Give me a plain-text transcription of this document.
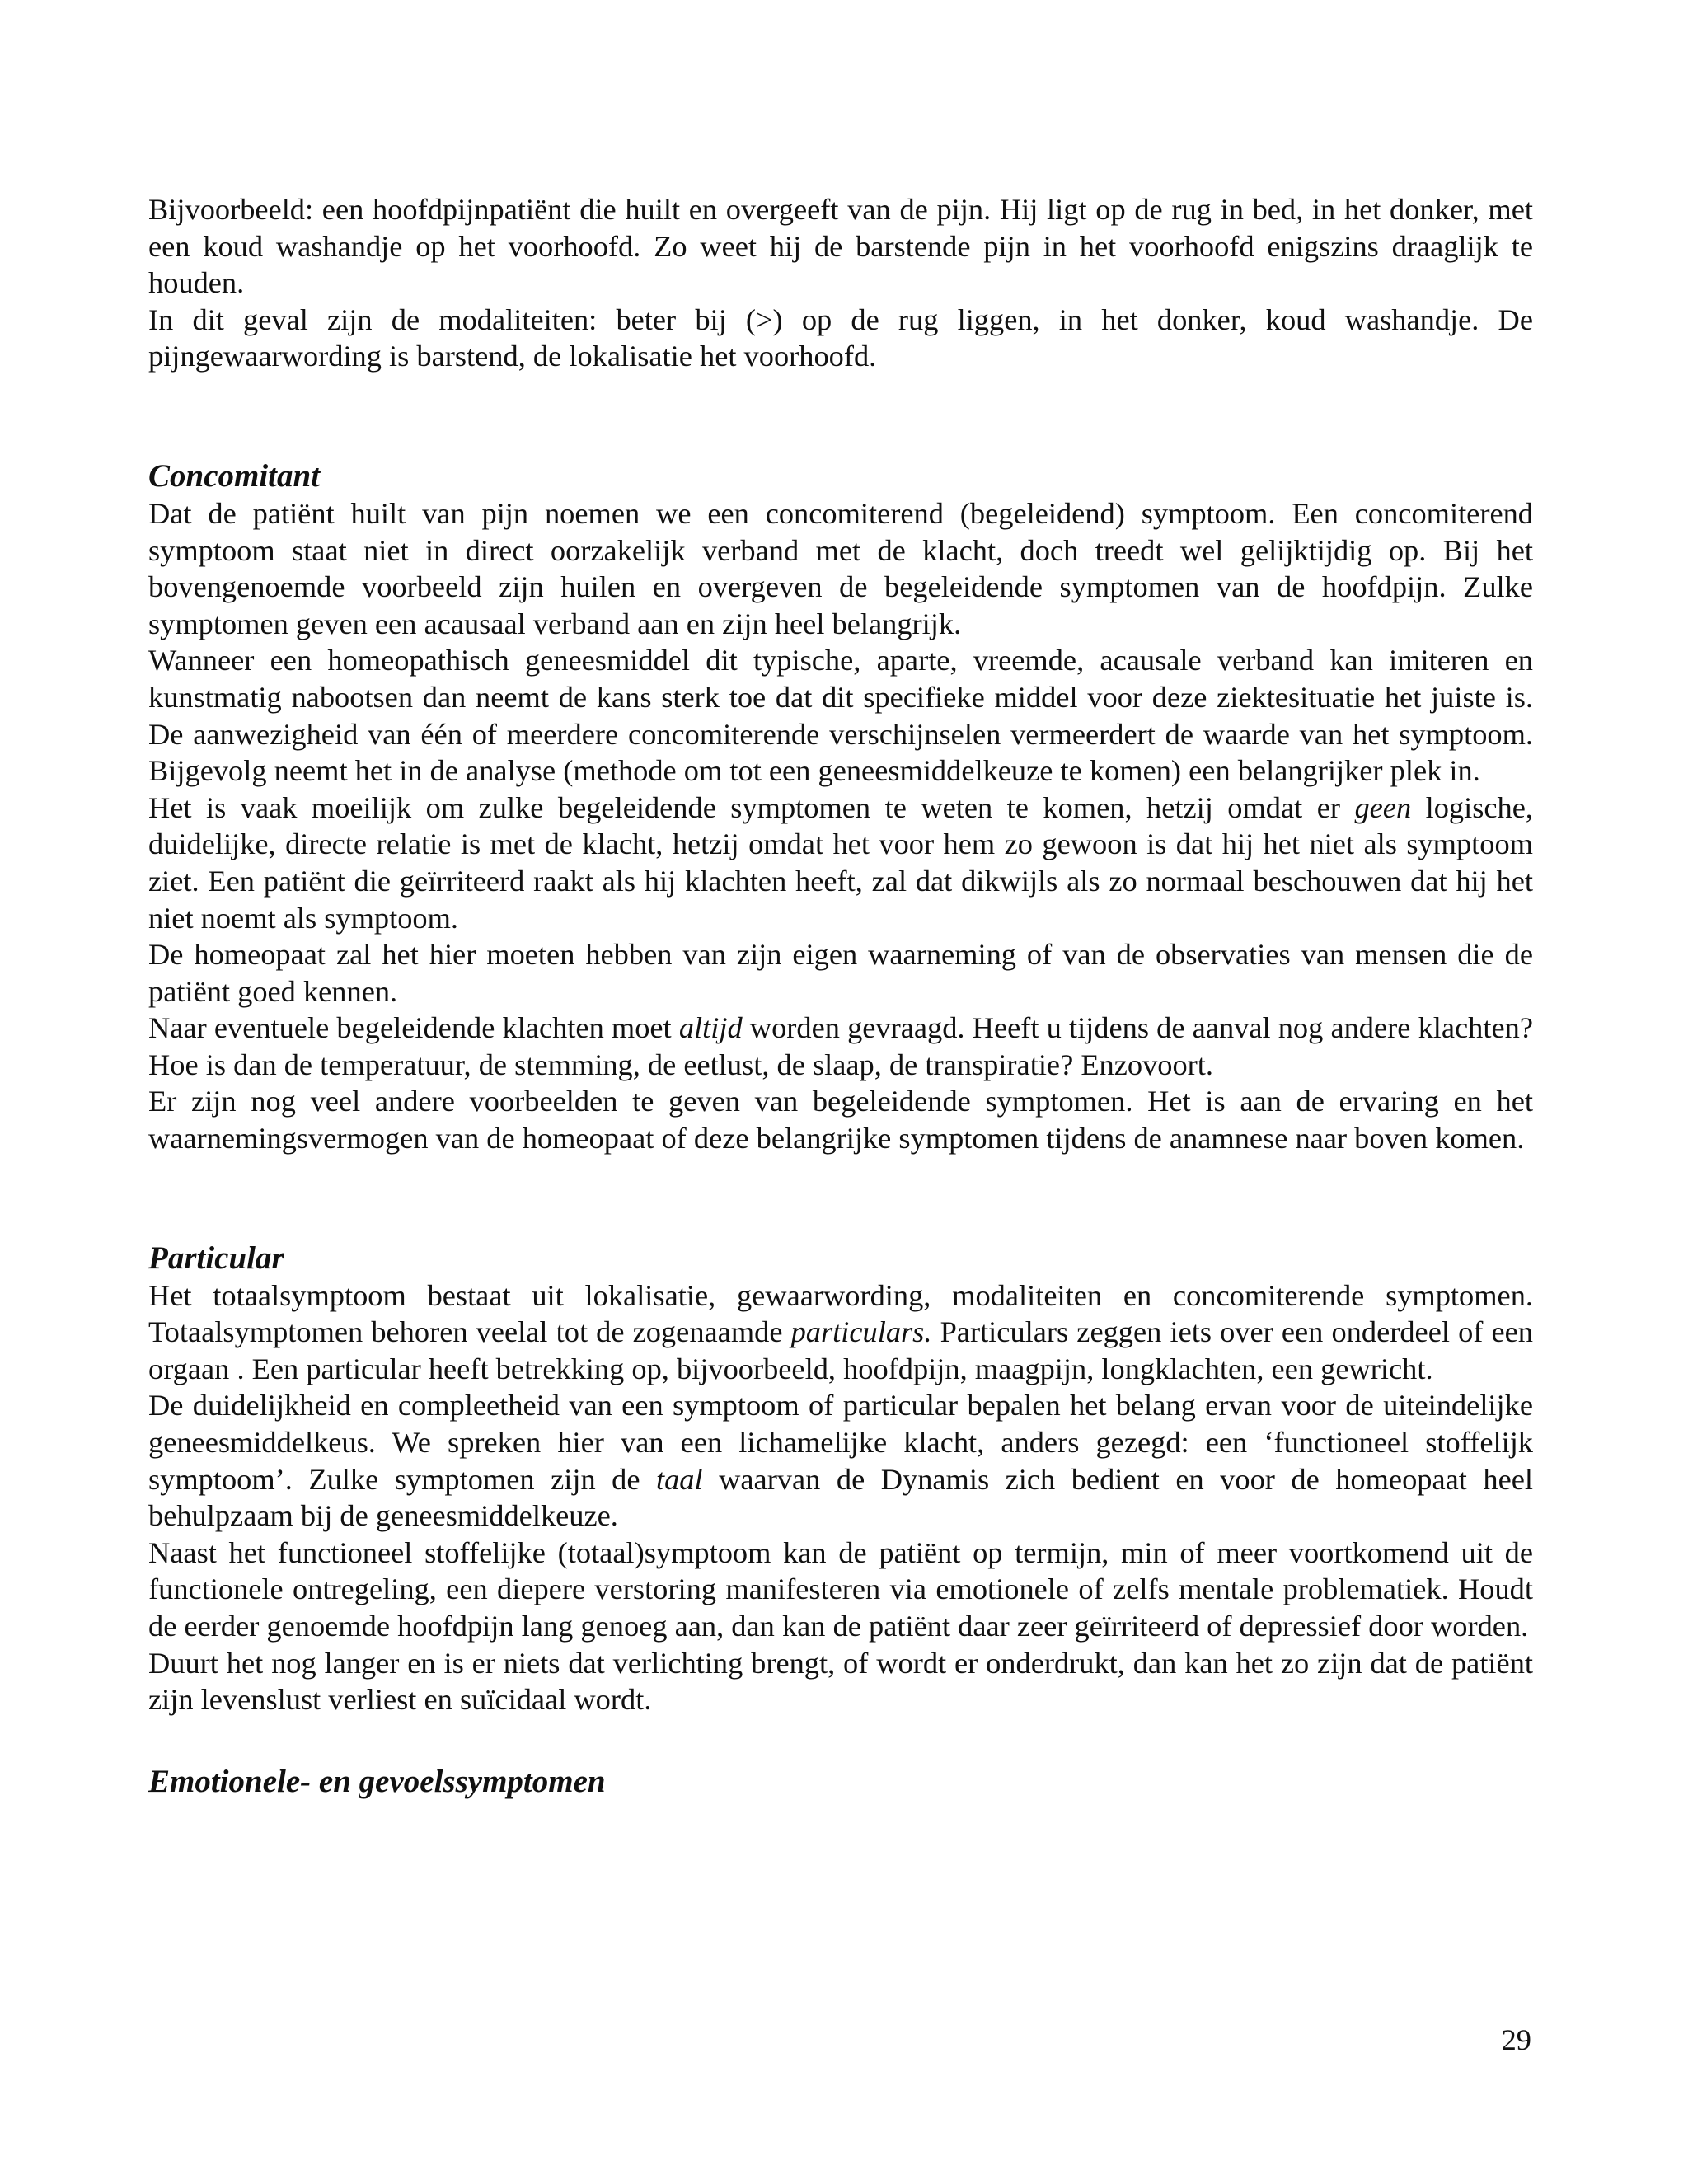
Bijvoorbeeld: een hoofdpijnpatiënt die huilt en overgeeft van de pijn. Hij ligt op de rug in bed, in het donker, met een koud washandje op het voorhoofd. Zo weet hij de barstende pijn in het voorhoofd enigszins draaglijk te houden.

In dit geval zijn de modaliteiten: beter bij (>) op de rug liggen, in het donker, koud washandje. De pijngewaarwording is barstend, de lokalisatie het voorhoofd.

Concomitant

Dat de patiënt huilt van pijn noemen we een concomiterend (begeleidend) symptoom. Een concomiterend symptoom staat niet in direct oorzakelijk verband met de klacht, doch treedt wel gelijktijdig op. Bij het bovengenoemde voorbeeld zijn huilen en overgeven de begeleidende symptomen van de hoofdpijn. Zulke symptomen geven een acausaal verband aan en zijn heel belangrijk.

Wanneer een homeopathisch geneesmiddel dit typische, aparte, vreemde, acausale verband kan imiteren en kunstmatig nabootsen dan neemt de kans sterk toe dat dit specifieke middel voor deze ziektesituatie het juiste is. De aanwezigheid van één of meerdere concomiterende verschijnselen vermeerdert de waarde van het symptoom. Bijgevolg neemt het in de analyse (methode om tot een geneesmiddelkeuze te komen) een belangrijker plek in.

Het is vaak moeilijk om zulke begeleidende symptomen te weten te komen, hetzij omdat er geen logische, duidelijke, directe relatie is met de klacht, hetzij omdat het voor hem zo gewoon is dat hij het niet als symptoom ziet. Een patiënt die geïrriteerd raakt als hij klachten heeft, zal dat dikwijls als zo normaal beschouwen dat hij het niet noemt als symptoom.

De homeopaat zal het hier moeten hebben van zijn eigen waarneming of van de observaties van mensen die de patiënt goed kennen.

Naar eventuele begeleidende klachten moet altijd worden gevraagd. Heeft u tijdens de aanval nog andere klachten? Hoe is dan de temperatuur, de stemming, de eetlust, de slaap, de transpiratie? Enzovoort.

Er zijn nog veel andere voorbeelden te geven van begeleidende symptomen. Het is aan de ervaring en het waarnemingsvermogen van de homeopaat of deze belangrijke symptomen tijdens de anamnese naar boven komen.

Particular

Het totaalsymptoom bestaat uit lokalisatie, gewaarwording, modaliteiten en concomiterende symptomen. Totaalsymptomen behoren veelal tot de zogenaamde particulars. Particulars zeggen iets over een onderdeel of een orgaan . Een particular heeft betrekking op, bijvoorbeeld, hoofdpijn, maagpijn, longklachten, een gewricht.

De duidelijkheid en compleetheid van een symptoom of particular bepalen het belang ervan voor de uiteindelijke geneesmiddelkeus. We spreken hier van een lichamelijke klacht, anders gezegd: een ‘functioneel stoffelijk symptoom’. Zulke symptomen zijn de taal waarvan de Dynamis zich bedient en voor de homeopaat heel behulpzaam bij de geneesmiddelkeuze.

Naast het functioneel stoffelijke (totaal)symptoom kan de patiënt op termijn, min of meer voortkomend uit de functionele ontregeling, een diepere verstoring manifesteren via emotionele of zelfs mentale problematiek. Houdt de eerder genoemde hoofdpijn lang genoeg aan, dan kan de patiënt daar zeer geïrriteerd of depressief door worden.

Duurt het nog langer en is er niets dat verlichting brengt, of wordt er onderdrukt, dan kan het zo zijn dat de patiënt zijn levenslust verliest en suïcidaal wordt.

Emotionele- en gevoelssymptomen
29
